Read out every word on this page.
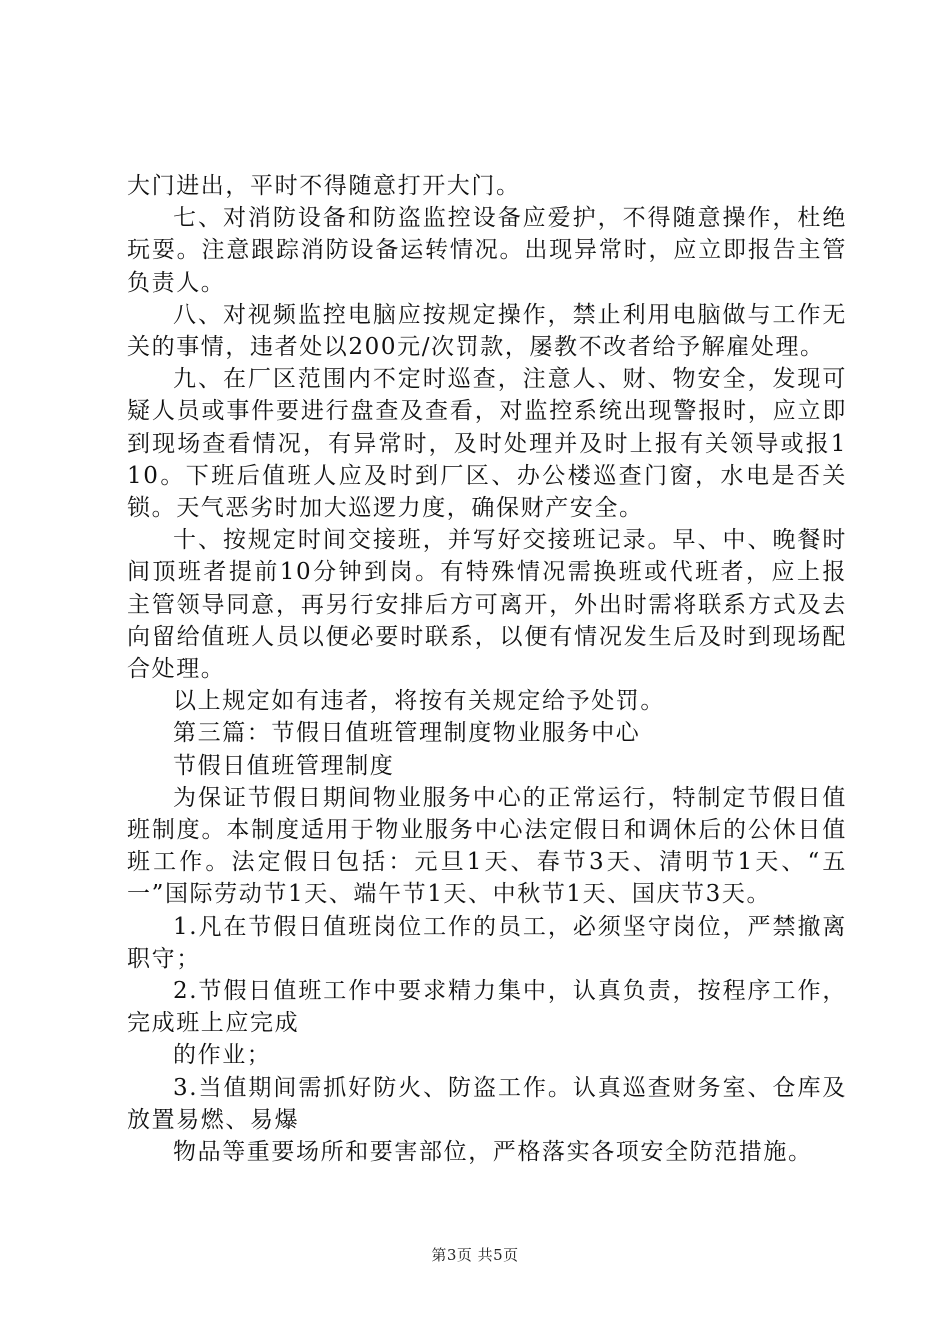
大门进出，平时不得随意打开大门。

七、对消防设备和防盗监控设备应爱护，不得随意操作，杜绝玩耍。注意跟踪消防设备运转情况。出现异常时，应立即报告主管负责人。

八、对视频监控电脑应按规定操作，禁止利用电脑做与工作无关的事情，违者处以200元/次罚款，屡教不改者给予解雇处理。

九、在厂区范围内不定时巡查，注意人、财、物安全，发现可疑人员或事件要进行盘查及查看，对监控系统出现警报时，应立即到现场查看情况，有异常时，及时处理并及时上报有关领导或报110。下班后值班人应及时到厂区、办公楼巡查门窗，水电是否关锁。天气恶劣时加大巡逻力度，确保财产安全。

十、按规定时间交接班，并写好交接班记录。早、中、晚餐时间顶班者提前10分钟到岗。有特殊情况需换班或代班者，应上报主管领导同意，再另行安排后方可离开，外出时需将联系方式及去向留给值班人员以便必要时联系，以便有情况发生后及时到现场配合处理。

以上规定如有违者，将按有关规定给予处罚。

第三篇：节假日值班管理制度物业服务中心

节假日值班管理制度

为保证节假日期间物业服务中心的正常运行，特制定节假日值班制度。本制度适用于物业服务中心法定假日和调休后的公休日值班工作。法定假日包括：元旦1天、春节3天、清明节1天、“五一”国际劳动节1天、端午节1天、中秋节1天、国庆节3天。

1.凡在节假日值班岗位工作的员工，必须坚守岗位，严禁撤离职守；

2.节假日值班工作中要求精力集中，认真负责，按程序工作，完成班上应完成

的作业；

3.当值期间需抓好防火、防盗工作。认真巡查财务室、仓库及放置易燃、易爆

物品等重要场所和要害部位，严格落实各项安全防范措施。

第3页 共5页
